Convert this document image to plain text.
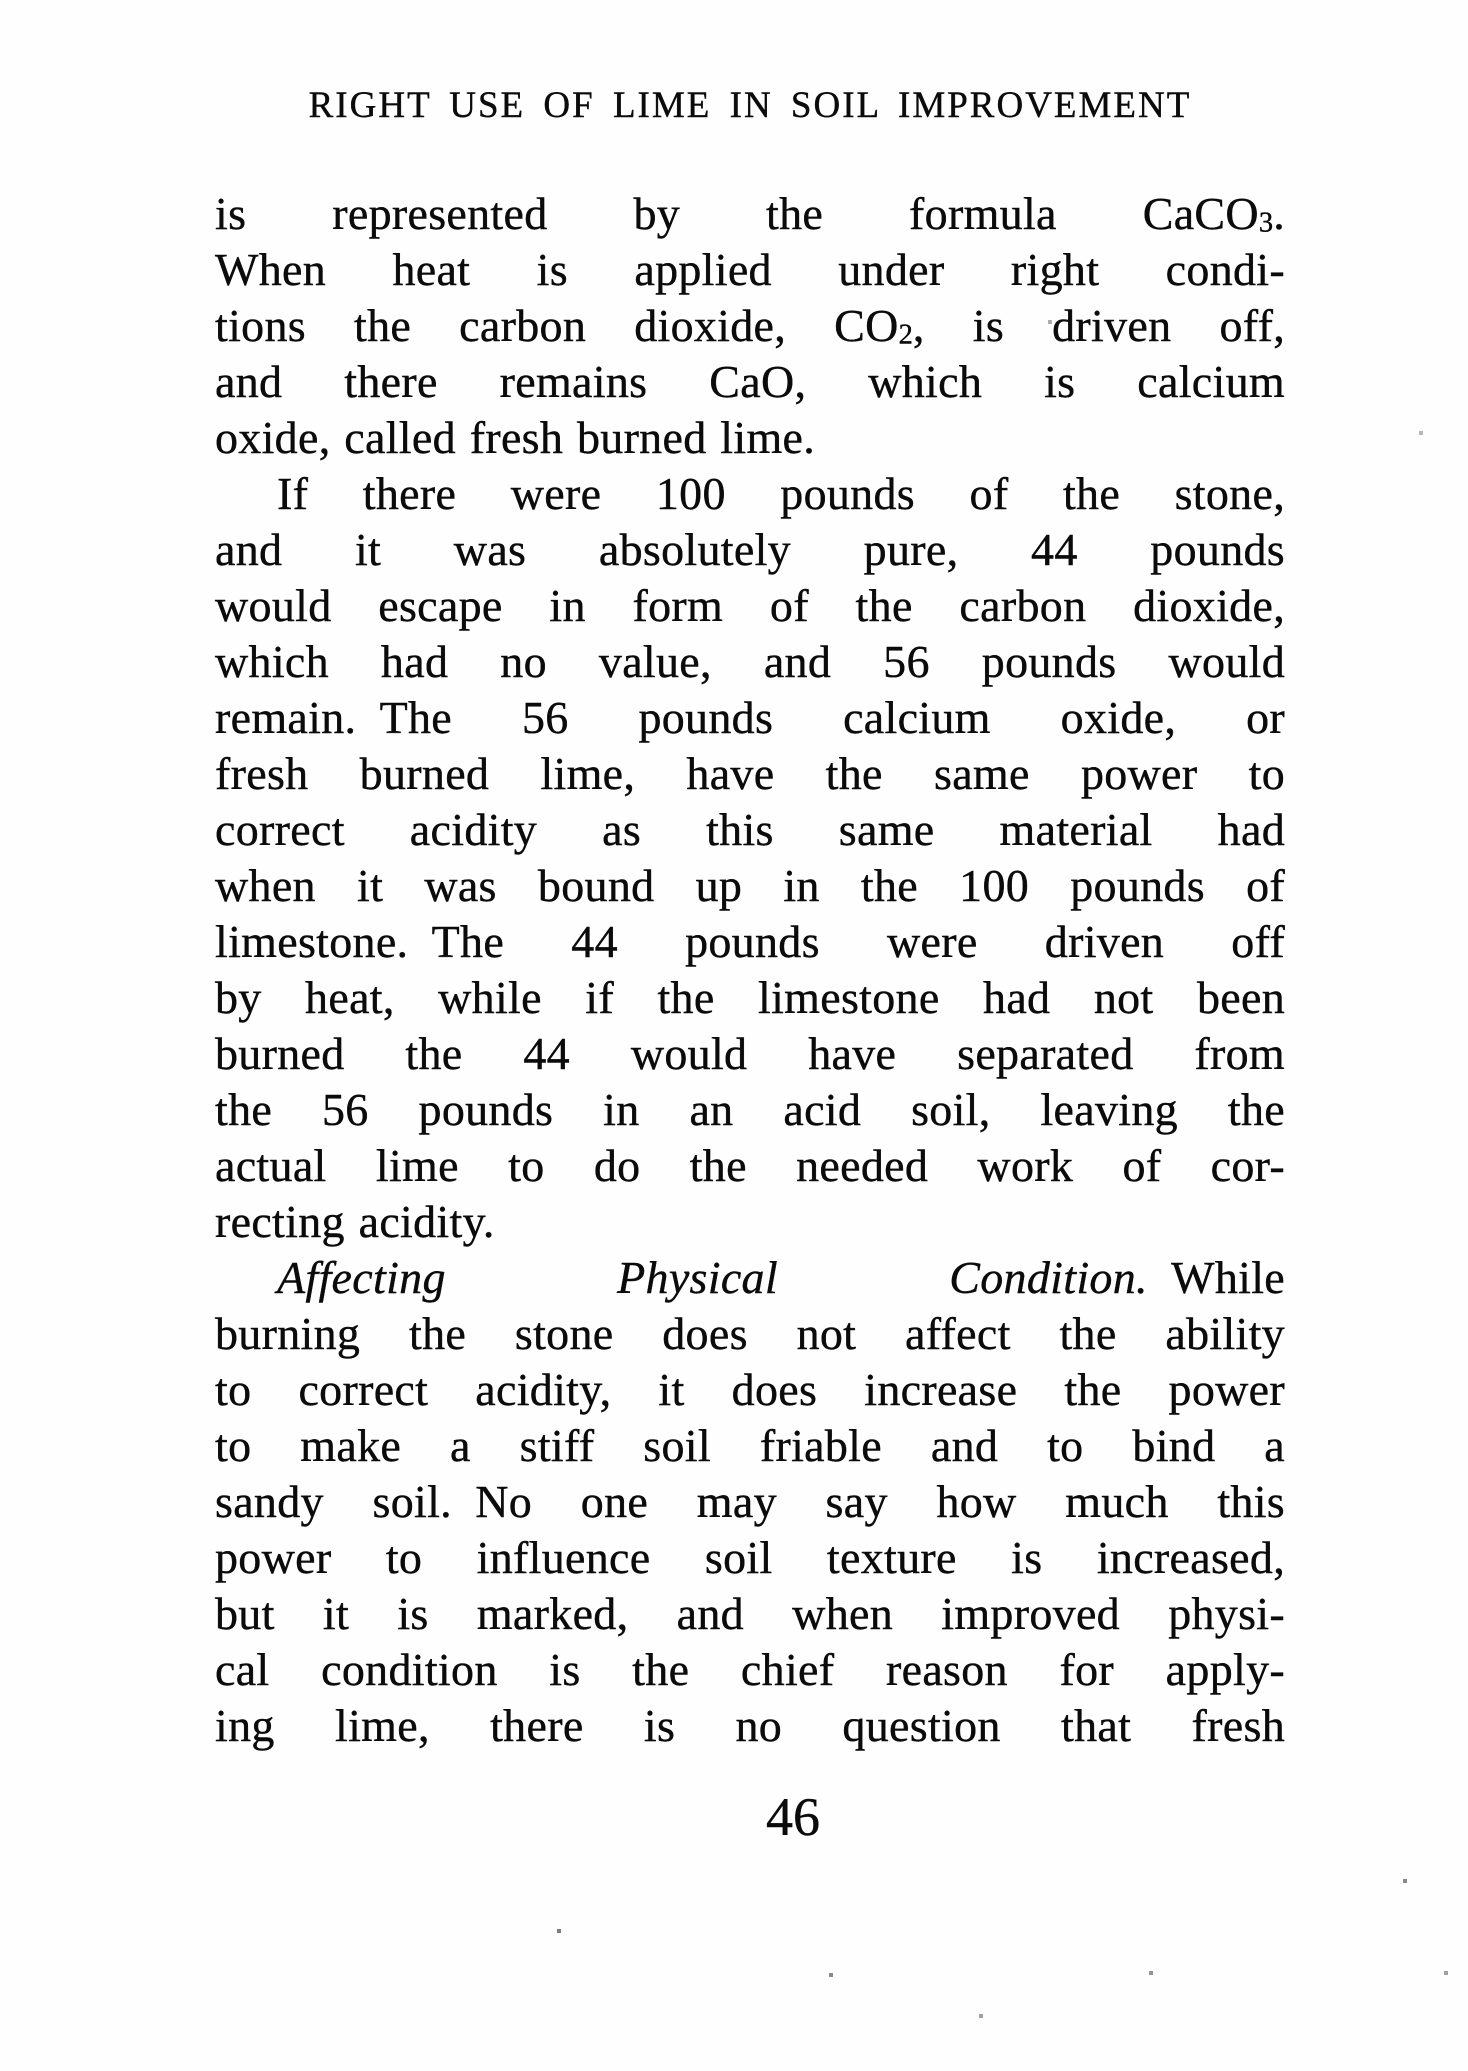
RIGHT USE OF LIME IN SOIL IMPROVEMENT
is represented by the formula CaCO3.
When heat is applied under right condi-
tions the carbon dioxide, CO2, is driven off,
and there remains CaO, which is calcium
oxide, called fresh burned lime.
If there were 100 pounds of the stone,
and it was absolutely pure, 44 pounds
would escape in form of the carbon dioxide,
which had no value, and 56 pounds would
remain. The 56 pounds calcium oxide, or
fresh burned lime, have the same power to
correct acidity as this same material had
when it was bound up in the 100 pounds of
limestone. The 44 pounds were driven off
by heat, while if the limestone had not been
burned the 44 would have separated from
the 56 pounds in an acid soil, leaving the
actual lime to do the needed work of cor-
recting acidity.
Affecting Physical Condition. While
burning the stone does not affect the ability
to correct acidity, it does increase the power
to make a stiff soil friable and to bind a
sandy soil. No one may say how much this
power to influence soil texture is increased,
but it is marked, and when improved physi-
cal condition is the chief reason for apply-
ing lime, there is no question that fresh
46
